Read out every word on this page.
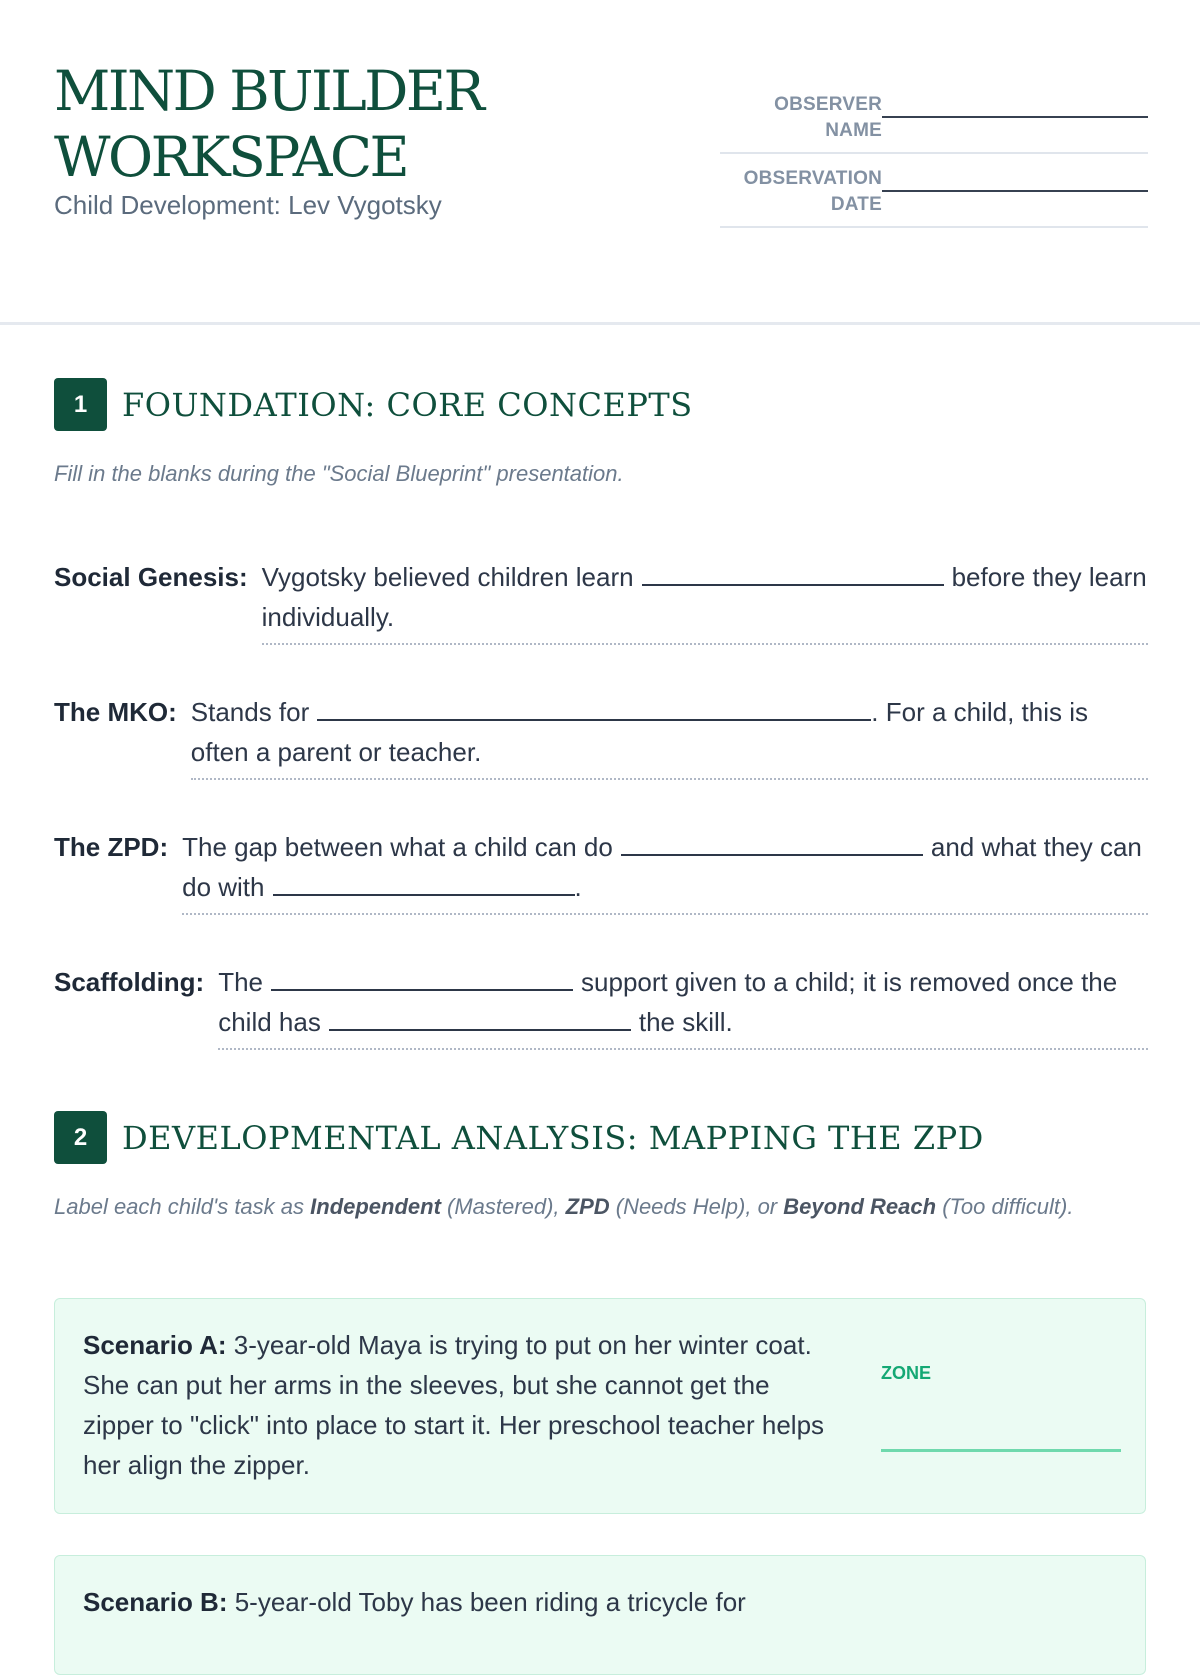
MIND BUILDER
WORKSPACE
Child Development: Lev Vygotsky
OBSERVER
NAME
OBSERVATION
DATE
1	FOUNDATION: CORE CONCEPTS
Fill in the blanks during the "Social Blueprint" presentation.
Social Genesis: Vygotsky believed children learn	before they learn individually.
The MKO: Stands for	. For a child, this is often a parent or teacher.
The ZPD: The gap between what a child can do	and what they can do with	.
Scaffolding: The	support given to a child; it is removed once the child has	the skill.
2	DEVELOPMENTAL ANALYSIS: MAPPING THE ZPD
Label each child's task as Independent (Mastered), ZPD (Needs Help), or Beyond Reach (Too difficult).
Scenario A: 3-year-old Maya is trying to put on her winter coat. She can put her arms in the sleeves, but she cannot get the zipper to "click" into place to start it. Her preschool teacher helps her align the zipper.
ZONE
Scenario B: 5-year-old Toby has been riding a tricycle for
